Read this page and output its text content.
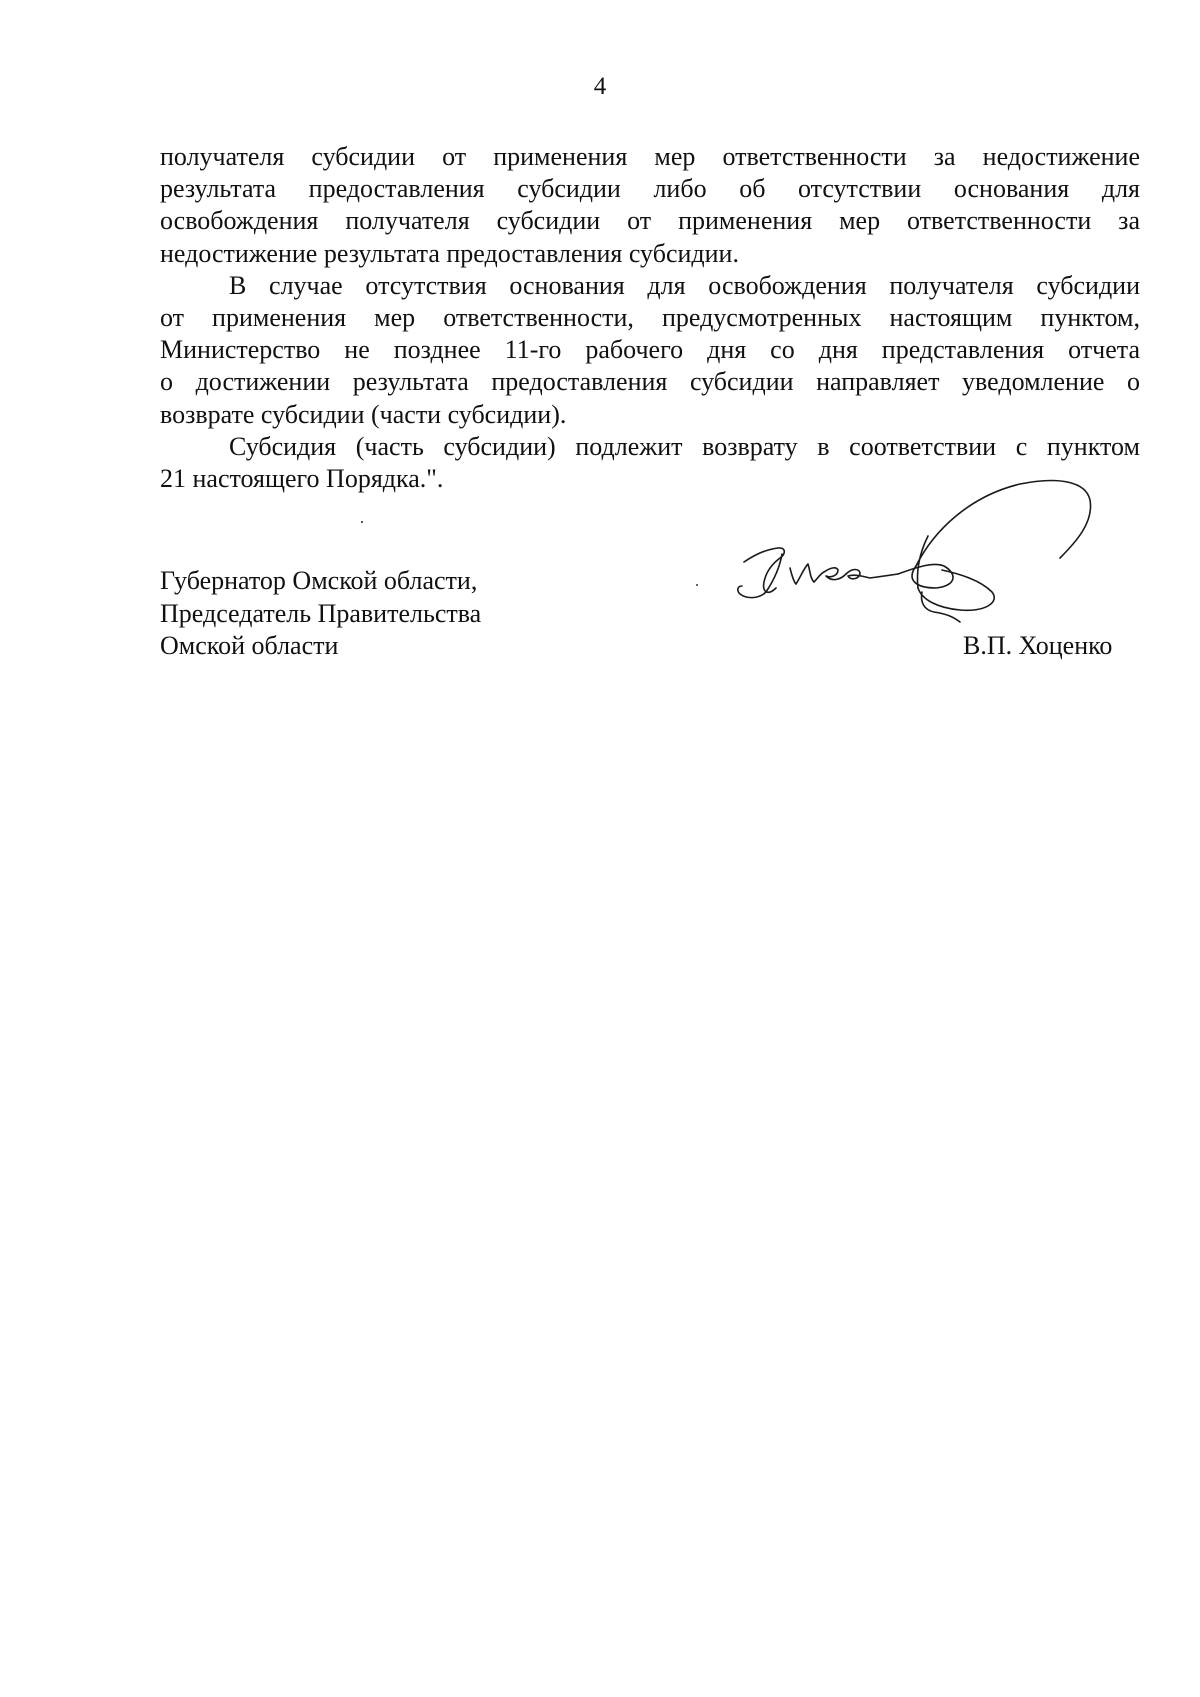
4
получателя субсидии от применения мер ответственности за недостижение
результата предоставления субсидии либо об отсутствии основания для
освобождения получателя субсидии от применения мер ответственности за
недостижение результата предоставления субсидии.
В случае отсутствия основания для освобождения получателя субсидии
от применения мер ответственности, предусмотренных настоящим пунктом,
Министерство не позднее 11-го рабочего дня со дня представления отчета
о достижении результата предоставления субсидии направляет уведомление о
возврате субсидии (части субсидии).
Субсидия (часть субсидии) подлежит возврату в соответствии с пунктом
21 настоящего Порядка.".
Губернатор Омской области,
Председатель Правительства
Омской области	В.П. Хоценко
